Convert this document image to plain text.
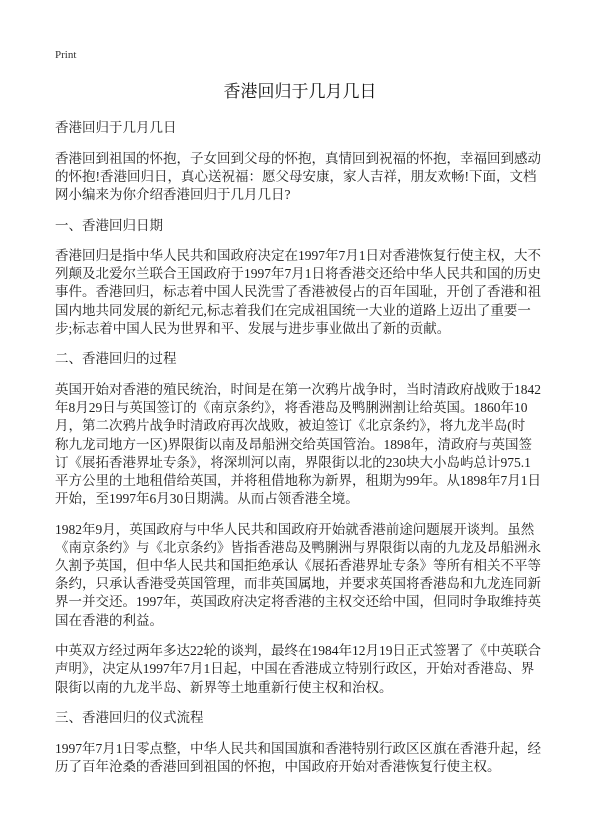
Print
香港回归于几月几日
香港回归于几月几日
香港回到祖国的怀抱，子女回到父母的怀抱，真情回到祝福的怀抱，幸福回到感动
的怀抱!香港回归日，真心送祝福：愿父母安康，家人吉祥，朋友欢畅!下面，文档
网小编来为你介绍香港回归于几月几日?
一、香港回归日期
香港回归是指中华人民共和国政府决定在1997年7月1日对香港恢复行使主权，大不
列颠及北爱尔兰联合王国政府于1997年7月1日将香港交还给中华人民共和国的历史
事件。香港回归，标志着中国人民洗雪了香港被侵占的百年国耻，开创了香港和祖
国内地共同发展的新纪元,标志着我们在完成祖国统一大业的道路上迈出了重要一
步;标志着中国人民为世界和平、发展与进步事业做出了新的贡献。
二、香港回归的过程
英国开始对香港的殖民统治，时间是在第一次鸦片战争时，当时清政府战败于1842
年8月29日与英国签订的《南京条约》，将香港岛及鸭脷洲割让给英国。1860年10
月，第二次鸦片战争时清政府再次战败，被迫签订《北京条约》，将九龙半岛(时
称九龙司地方一区)界限街以南及昂船洲交给英国管治。1898年，清政府与英国签
订《展拓香港界址专条》，将深圳河以南，界限街以北的230块大小岛屿总计975.1
平方公里的土地租借给英国，并将租借地称为新界，租期为99年。从1898年7月1日
开始，至1997年6月30日期满。从而占领香港全境。
1982年9月，英国政府与中华人民共和国政府开始就香港前途问题展开谈判。虽然
《南京条约》与《北京条约》皆指香港岛及鸭脷洲与界限街以南的九龙及昂船洲永
久割予英国，但中华人民共和国拒绝承认《展拓香港界址专条》等所有相关不平等
条约，只承认香港受英国管理，而非英国属地，并要求英国将香港岛和九龙连同新
界一并交还。1997年，英国政府决定将香港的主权交还给中国，但同时争取维持英
国在香港的利益。
中英双方经过两年多达22轮的谈判，最终在1984年12月19日正式签署了《中英联合
声明》，决定从1997年7月1日起，中国在香港成立特别行政区，开始对香港岛、界
限街以南的九龙半岛、新界等土地重新行使主权和治权。
三、香港回归的仪式流程
1997年7月1日零点整，中华人民共和国国旗和香港特别行政区区旗在香港升起，经
历了百年沧桑的香港回到祖国的怀抱，中国政府开始对香港恢复行使主权。
